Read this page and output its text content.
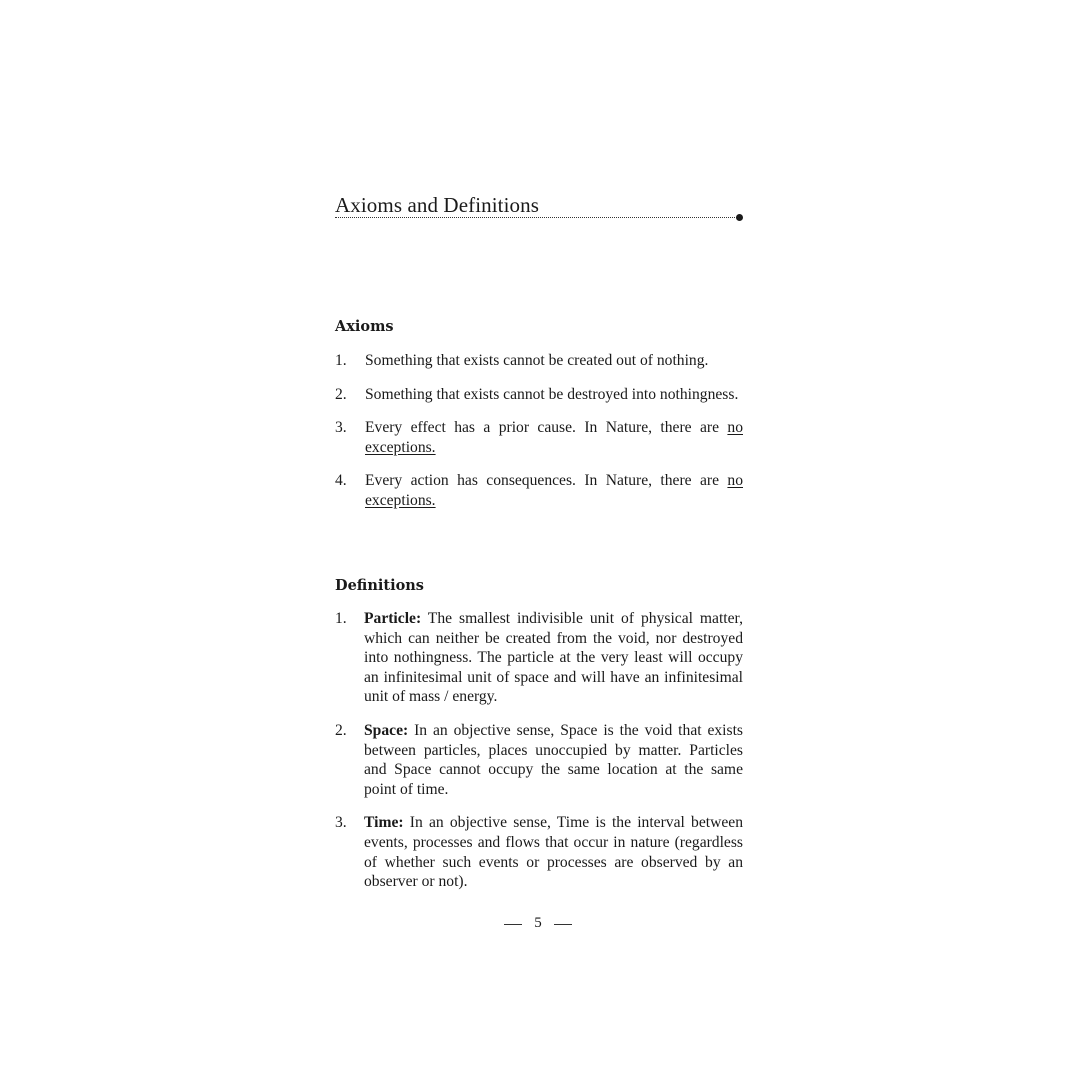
Axioms and Definitions
Axioms
1. Something that exists cannot be created out of nothing.
2. Something that exists cannot be destroyed into nothingness.
3. Every effect has a prior cause. In Nature, there are no exceptions.
4. Every action has consequences. In Nature, there are no exceptions.
Definitions
1. Particle: The smallest indivisible unit of physical matter, which can neither be created from the void, nor destroyed into nothingness. The particle at the very least will occupy an infinitesimal unit of space and will have an infinitesimal unit of mass / energy.
2. Space: In an objective sense, Space is the void that exists between particles, places unoccupied by matter. Particles and Space cannot occupy the same location at the same point of time.
3. Time: In an objective sense, Time is the interval between events, processes and flows that occur in nature (regardless of whether such events or processes are observed by an observer or not).
5
